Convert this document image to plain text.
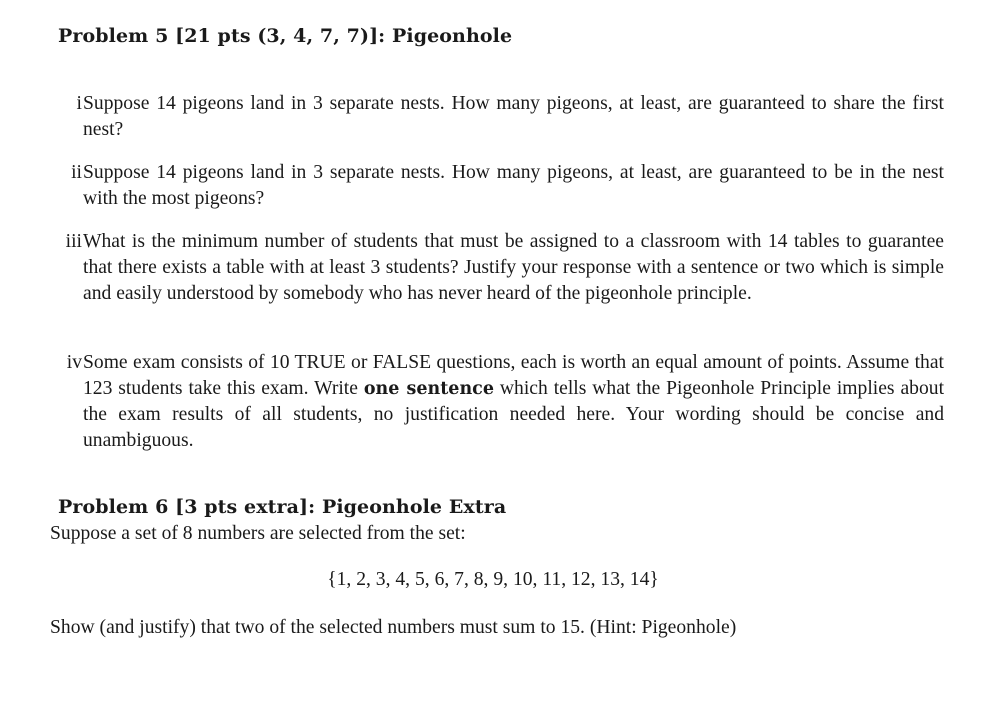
Problem 5 [21 pts (3, 4, 7, 7)]: Pigeonhole
i Suppose 14 pigeons land in 3 separate nests. How many pigeons, at least, are guaranteed to share the first nest?
ii Suppose 14 pigeons land in 3 separate nests. How many pigeons, at least, are guaranteed to be in the nest with the most pigeons?
iii What is the minimum number of students that must be assigned to a classroom with 14 tables to guarantee that there exists a table with at least 3 students? Justify your response with a sentence or two which is simple and easily understood by somebody who has never heard of the pigeonhole principle.
iv Some exam consists of 10 TRUE or FALSE questions, each is worth an equal amount of points. Assume that 123 students take this exam. Write one sentence which tells what the Pigeonhole Principle implies about the exam results of all students, no justification needed here. Your wording should be concise and unambiguous.
Problem 6 [3 pts extra]: Pigeonhole Extra
Suppose a set of 8 numbers are selected from the set:
{1, 2, 3, 4, 5, 6, 7, 8, 9, 10, 11, 12, 13, 14}
Show (and justify) that two of the selected numbers must sum to 15. (Hint: Pigeonhole)
